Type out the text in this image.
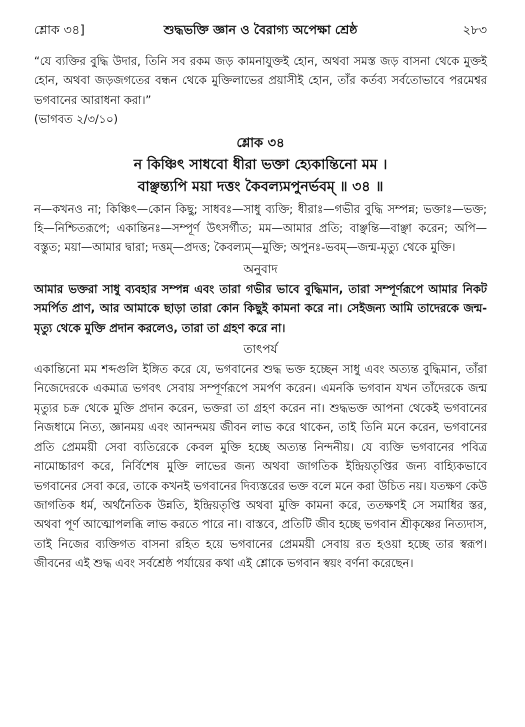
শ্লোক ৩৪]	শুদ্ধভক্তি জ্ঞান ও বৈরাগ্য অপেক্ষা শ্রেষ্ঠ	২৮৩

“যে ব্যক্তির বুদ্ধি উদার, তিনি সব রকম জড় কামনাযুক্তই হোন, অথবা সমস্ত জড় বাসনা থেকে মুক্তই হোন, অথবা জড়জগতের বন্ধন থেকে মুক্তিলাভের প্রয়াসীই হোন, তাঁর কর্তব্য সর্বতোভাবে পরমেশ্বর ভগবানের আরাধনা করা।”

(ভাগবত ২/৩/১০)

শ্লোক ৩৪
ন কিঞ্চিৎ সাধবো ধীরা ভক্তা হ্যেকান্তিনো মম ।
বাঞ্ছন্ত্যপি ময়া দত্তং কৈবল্যমপুনর্ভবম্ ॥ ৩৪ ॥

ন—কখনও না; কিঞ্চিৎ—কোন কিছু; সাধবঃ—সাধু ব্যক্তি; ধীরাঃ—গভীর বুদ্ধি সম্পন্ন; ভক্তাঃ—ভক্ত; হি—নিশ্চিতরূপে; একান্তিনঃ—সম্পূর্ণ উৎসর্গীত; মম—আমার প্রতি; বাঞ্ছন্তি—বাঞ্ছা করেন; অপি—বস্তুত; ময়া—আমার দ্বারা; দত্তম্—প্রদত্ত; কৈবল্যম্—মুক্তি; অপুনঃ-ভবম্—জন্ম-মৃত্যু থেকে মুক্তি।

অনুবাদ

আমার ভক্তরা সাধু ব্যবহার সম্পন্ন এবং তারা গভীর ভাবে বুদ্ধিমান, তারা সম্পূর্ণরূপে আমার নিকট সমর্পিত প্রাণ, আর আমাকে ছাড়া তারা কোন কিছুই কামনা করে না। সেইজন্য আমি তাদেরকে জন্ম-মৃত্যু থেকে মুক্তি প্রদান করলেও, তারা তা গ্রহণ করে না।

তাৎপর্য

একান্তিনো মম শব্দগুলি ইঙ্গিত করে যে, ভগবানের শুদ্ধ ভক্ত হচ্ছেন সাধু এবং অত্যন্ত বুদ্ধিমান, তাঁরা নিজেদেরকে একমাত্র ভগবৎ সেবায় সম্পূর্ণরূপে সমর্পণ করেন। এমনকি ভগবান যখন তাঁদেরকে জন্ম মৃত্যুর চক্র থেকে মুক্তি প্রদান করেন, ভক্তরা তা গ্রহণ করেন না। শুদ্ধভক্ত আপনা থেকেই ভগবানের নিজধামে নিত্য, জ্ঞানময় এবং আনন্দময় জীবন লাভ করে থাকেন, তাই তিনি মনে করেন, ভগবানের প্রতি প্রেমময়ী সেবা ব্যতিরেকে কেবল মুক্তি হচ্ছে অত্যন্ত নিন্দনীয়। যে ব্যক্তি ভগবানের পবিত্র নামোচ্চারণ করে, নির্বিশেষ মুক্তি লাভের জন্য অথবা জাগতিক ইন্দ্রিয়তৃপ্তির জন্য বাহ্যিকভাবে ভগবানের সেবা করে, তাকে কখনই ভগবানের দিব্যস্তরের ভক্ত বলে মনে করা উচিত নয়। যতক্ষণ কেউ জাগতিক ধর্ম, অর্থনৈতিক উন্নতি, ইন্দ্রিয়তৃপ্তি অথবা মুক্তি কামনা করে, ততক্ষণই সে সমাধির স্তর, অথবা পূর্ণ আত্মোপলব্ধি লাভ করতে পারে না। বাস্তবে, প্রতিটি জীব হচ্ছে ভগবান শ্রীকৃষ্ণের নিত্যদাস, তাই নিজের ব্যক্তিগত বাসনা রহিত হয়ে ভগবানের প্রেমময়ী সেবায় রত হওয়া হচ্ছে তার স্বরূপ। জীবনের এই শুদ্ধ এবং সর্বশ্রেষ্ঠ পর্যায়ের কথা এই শ্লোকে ভগবান স্বয়ং বর্ণনা করেছেন।
